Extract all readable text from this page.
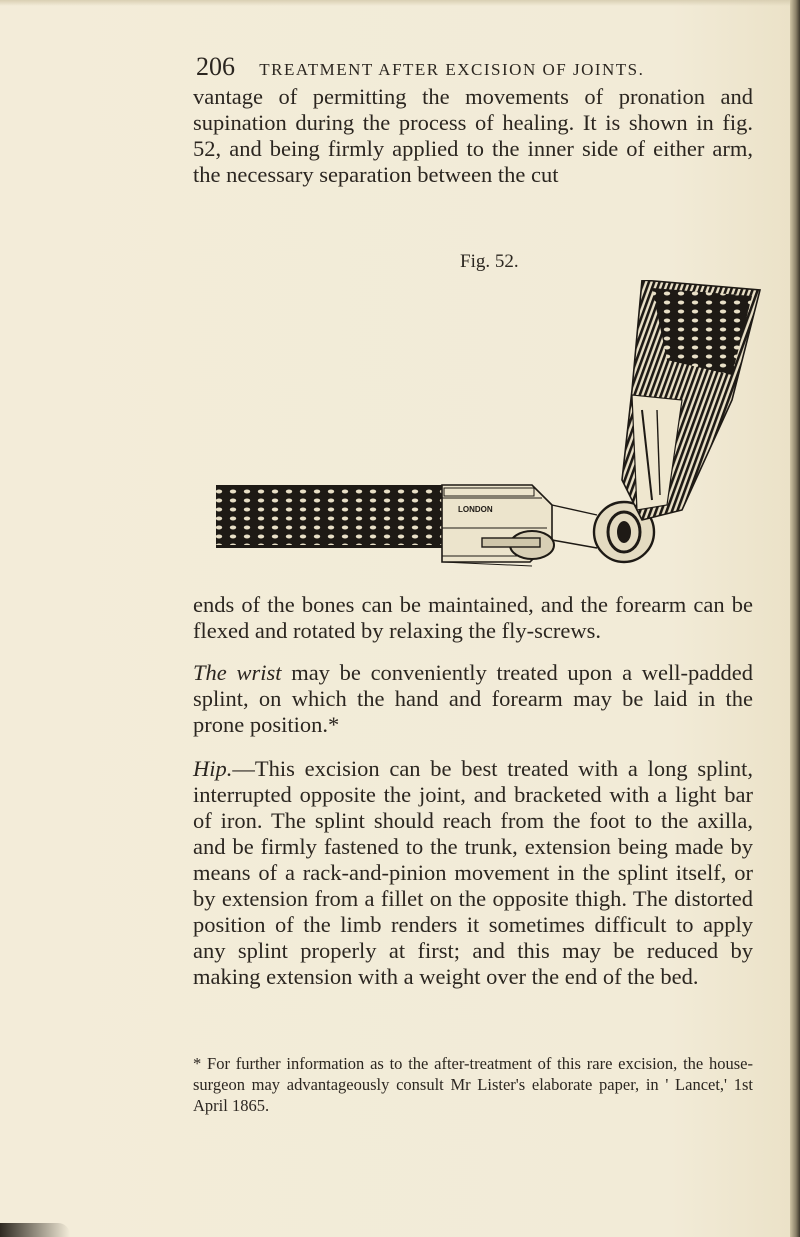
206 TREATMENT AFTER EXCISION OF JOINTS.

vantage of permitting the movements of pronation and supination during the process of healing. It is shown in fig. 52, and being firmly applied to the inner side of either arm, the necessary separation between the cut

Fig. 52.
LONDON

ends of the bones can be maintained, and the forearm can be flexed and rotated by relaxing the fly-screws.

The wrist may be conveniently treated upon a well-padded splint, on which the hand and forearm may be laid in the prone position.*

Hip.—This excision can be best treated with a long splint, interrupted opposite the joint, and bracketed with a light bar of iron. The splint should reach from the foot to the axilla, and be firmly fastened to the trunk, extension being made by means of a rack-and-pinion movement in the splint itself, or by extension from a fillet on the opposite thigh. The distorted position of the limb renders it sometimes difficult to apply any splint properly at first; and this may be reduced by making extension with a weight over the end of the bed.

* For further information as to the after-treatment of this rare excision, the house-surgeon may advantageously consult Mr Lister's elaborate paper, in ' Lancet,' 1st April 1865.
